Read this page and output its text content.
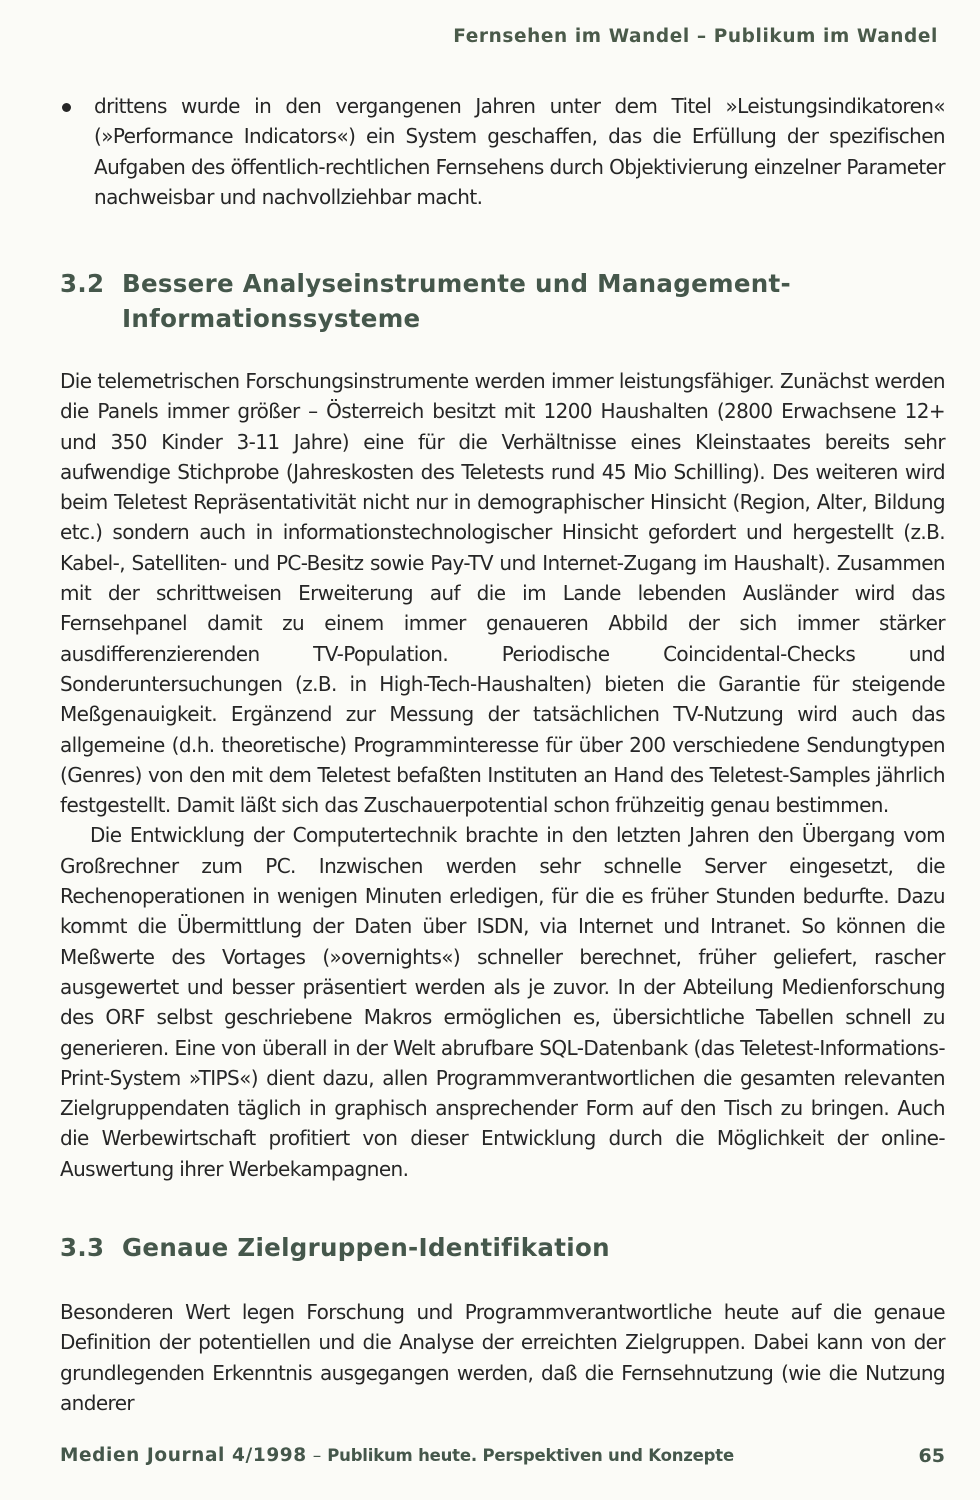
Fernsehen im Wandel – Publikum im Wandel

drittens wurde in den vergangenen Jahren unter dem Titel »Leistungsindikatoren« (»Performance Indicators«) ein System geschaffen, das die Erfüllung der spezifischen Aufgaben des öffentlich-rechtlichen Fernsehens durch Objektivierung einzelner Parameter nachweisbar und nachvollziehbar macht.

3.2 Bessere Analyseinstrumente und Management-
Informationssysteme

Die telemetrischen Forschungsinstrumente werden immer leistungsfähiger. Zunächst werden die Panels immer größer – Österreich besitzt mit 1200 Haushalten (2800 Erwachsene 12+ und 350 Kinder 3-11 Jahre) eine für die Verhältnisse eines Kleinstaates bereits sehr aufwendige Stichprobe (Jahreskosten des Teletests rund 45 Mio Schilling). Des weiteren wird beim Teletest Repräsentativität nicht nur in demographischer Hinsicht (Region, Alter, Bildung etc.) sondern auch in informationstechnologischer Hinsicht gefordert und hergestellt (z.B. Kabel-, Satelliten- und PC-Besitz sowie Pay-TV und Internet-Zugang im Haushalt). Zusammen mit der schrittweisen Erweiterung auf die im Lande lebenden Ausländer wird das Fernsehpanel damit zu einem immer genaueren Abbild der sich immer stärker ausdifferenzierenden TV-Population. Periodische Coincidental-Checks und Sonderuntersuchungen (z.B. in High-Tech-Haushalten) bieten die Garantie für steigende Meßgenauigkeit. Ergänzend zur Messung der tatsächlichen TV-Nutzung wird auch das allgemeine (d.h. theoretische) Programminteresse für über 200 verschiedene Sendungtypen (Genres) von den mit dem Teletest befaßten Instituten an Hand des Teletest-Samples jährlich festgestellt. Damit läßt sich das Zuschauerpotential schon frühzeitig genau bestimmen.

Die Entwicklung der Computertechnik brachte in den letzten Jahren den Übergang vom Großrechner zum PC. Inzwischen werden sehr schnelle Server eingesetzt, die Rechenoperationen in wenigen Minuten erledigen, für die es früher Stunden bedurfte. Dazu kommt die Übermittlung der Daten über ISDN, via Internet und Intranet. So können die Meßwerte des Vortages (»overnights«) schneller berechnet, früher geliefert, rascher ausgewertet und besser präsentiert werden als je zuvor. In der Abteilung Medienforschung des ORF selbst geschriebene Makros ermöglichen es, übersichtliche Tabellen schnell zu generieren. Eine von überall in der Welt abrufbare SQL-Datenbank (das Teletest-Informations-Print-System »TIPS«) dient dazu, allen Programmverantwortlichen die gesamten relevanten Zielgruppendaten täglich in graphisch ansprechender Form auf den Tisch zu bringen. Auch die Werbewirtschaft profitiert von dieser Entwicklung durch die Möglichkeit der online-Auswertung ihrer Werbekampagnen.

3.3 Genaue Zielgruppen-Identifikation

Besonderen Wert legen Forschung und Programmverantwortliche heute auf die genaue Definition der potentiellen und die Analyse der erreichten Zielgruppen. Dabei kann von der grundlegenden Erkenntnis ausgegangen werden, daß die Fernsehnutzung (wie die Nutzung anderer

Medien Journal 4/1998 – Publikum heute. Perspektiven und Konzepte	65
